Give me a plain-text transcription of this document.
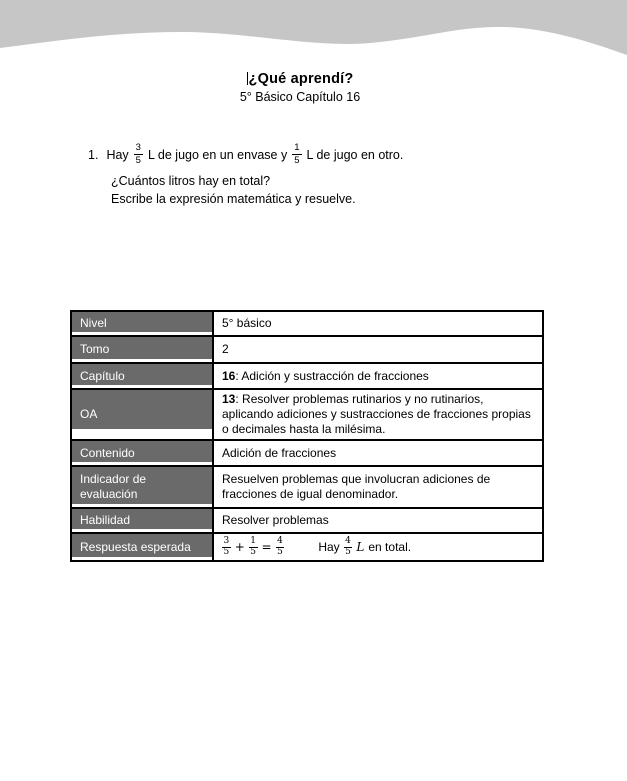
¿Qué aprendí?
5° Básico Capítulo 16
1. Hay $\frac{3}{5}$ L de jugo en un envase y $\frac{1}{5}$ L de jugo en otro.
¿Cuántos litros hay en total?
Escribe la expresión matemática y resuelve.
Nivel	5° básico
Tomo	2
Capítulo	16: Adición y sustracción de fracciones
OA	13: Resolver problemas rutinarios y no rutinarios, aplicando adiciones y sustracciones de fracciones propias o decimales hasta la milésima.
Contenido	Adición de fracciones
Indicador de evaluación	Resuelven problemas que involucran adiciones de fracciones de igual denominador.
Habilidad	Resolver problemas
Respuesta esperada	$\frac{3}{5} + \frac{1}{5} = \frac{4}{5}$	Hay $\frac{4}{5}$ L en total.
